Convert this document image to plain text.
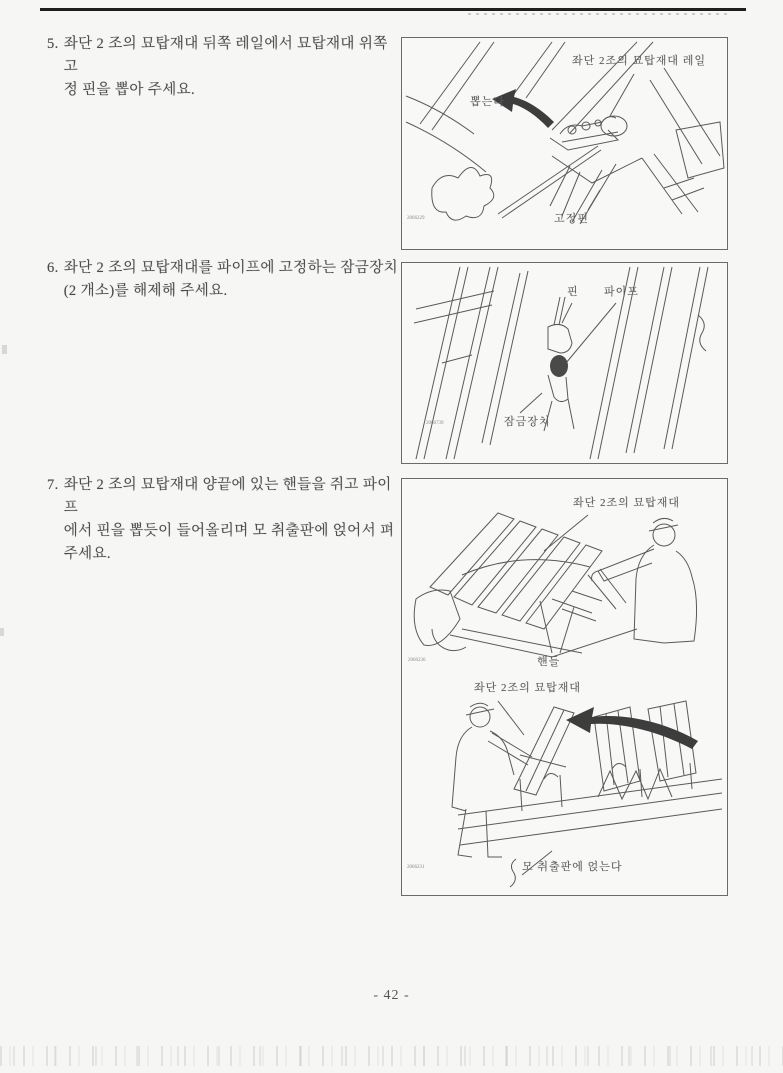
5. 좌단 2 조의 묘탑재대 뒤쪽 레일에서 묘탑재대 위쪽 고
정 핀을 뽑아 주세요.
좌단 2조의 묘탑재대 레일
뽑는다
고정핀
2066229
6. 좌단 2 조의 묘탑재대를 파이프에 고정하는 잠금장치
(2 개소)를 해제해 주세요.	핀 파이프
잠금장치
2066739
7. 좌단 2 조의 묘탑재대 양끝에 있는 핸들을 쥐고 파이프
에서 핀을 뽑듯이 들어올리며 모 취출판에 얹어서 펴
주세요.
좌단 2조의 묘탑재대
핸들
좌단 2조의 묘탑재대
모 취출판에 얹는다
2066236
2066231
- 42 -
